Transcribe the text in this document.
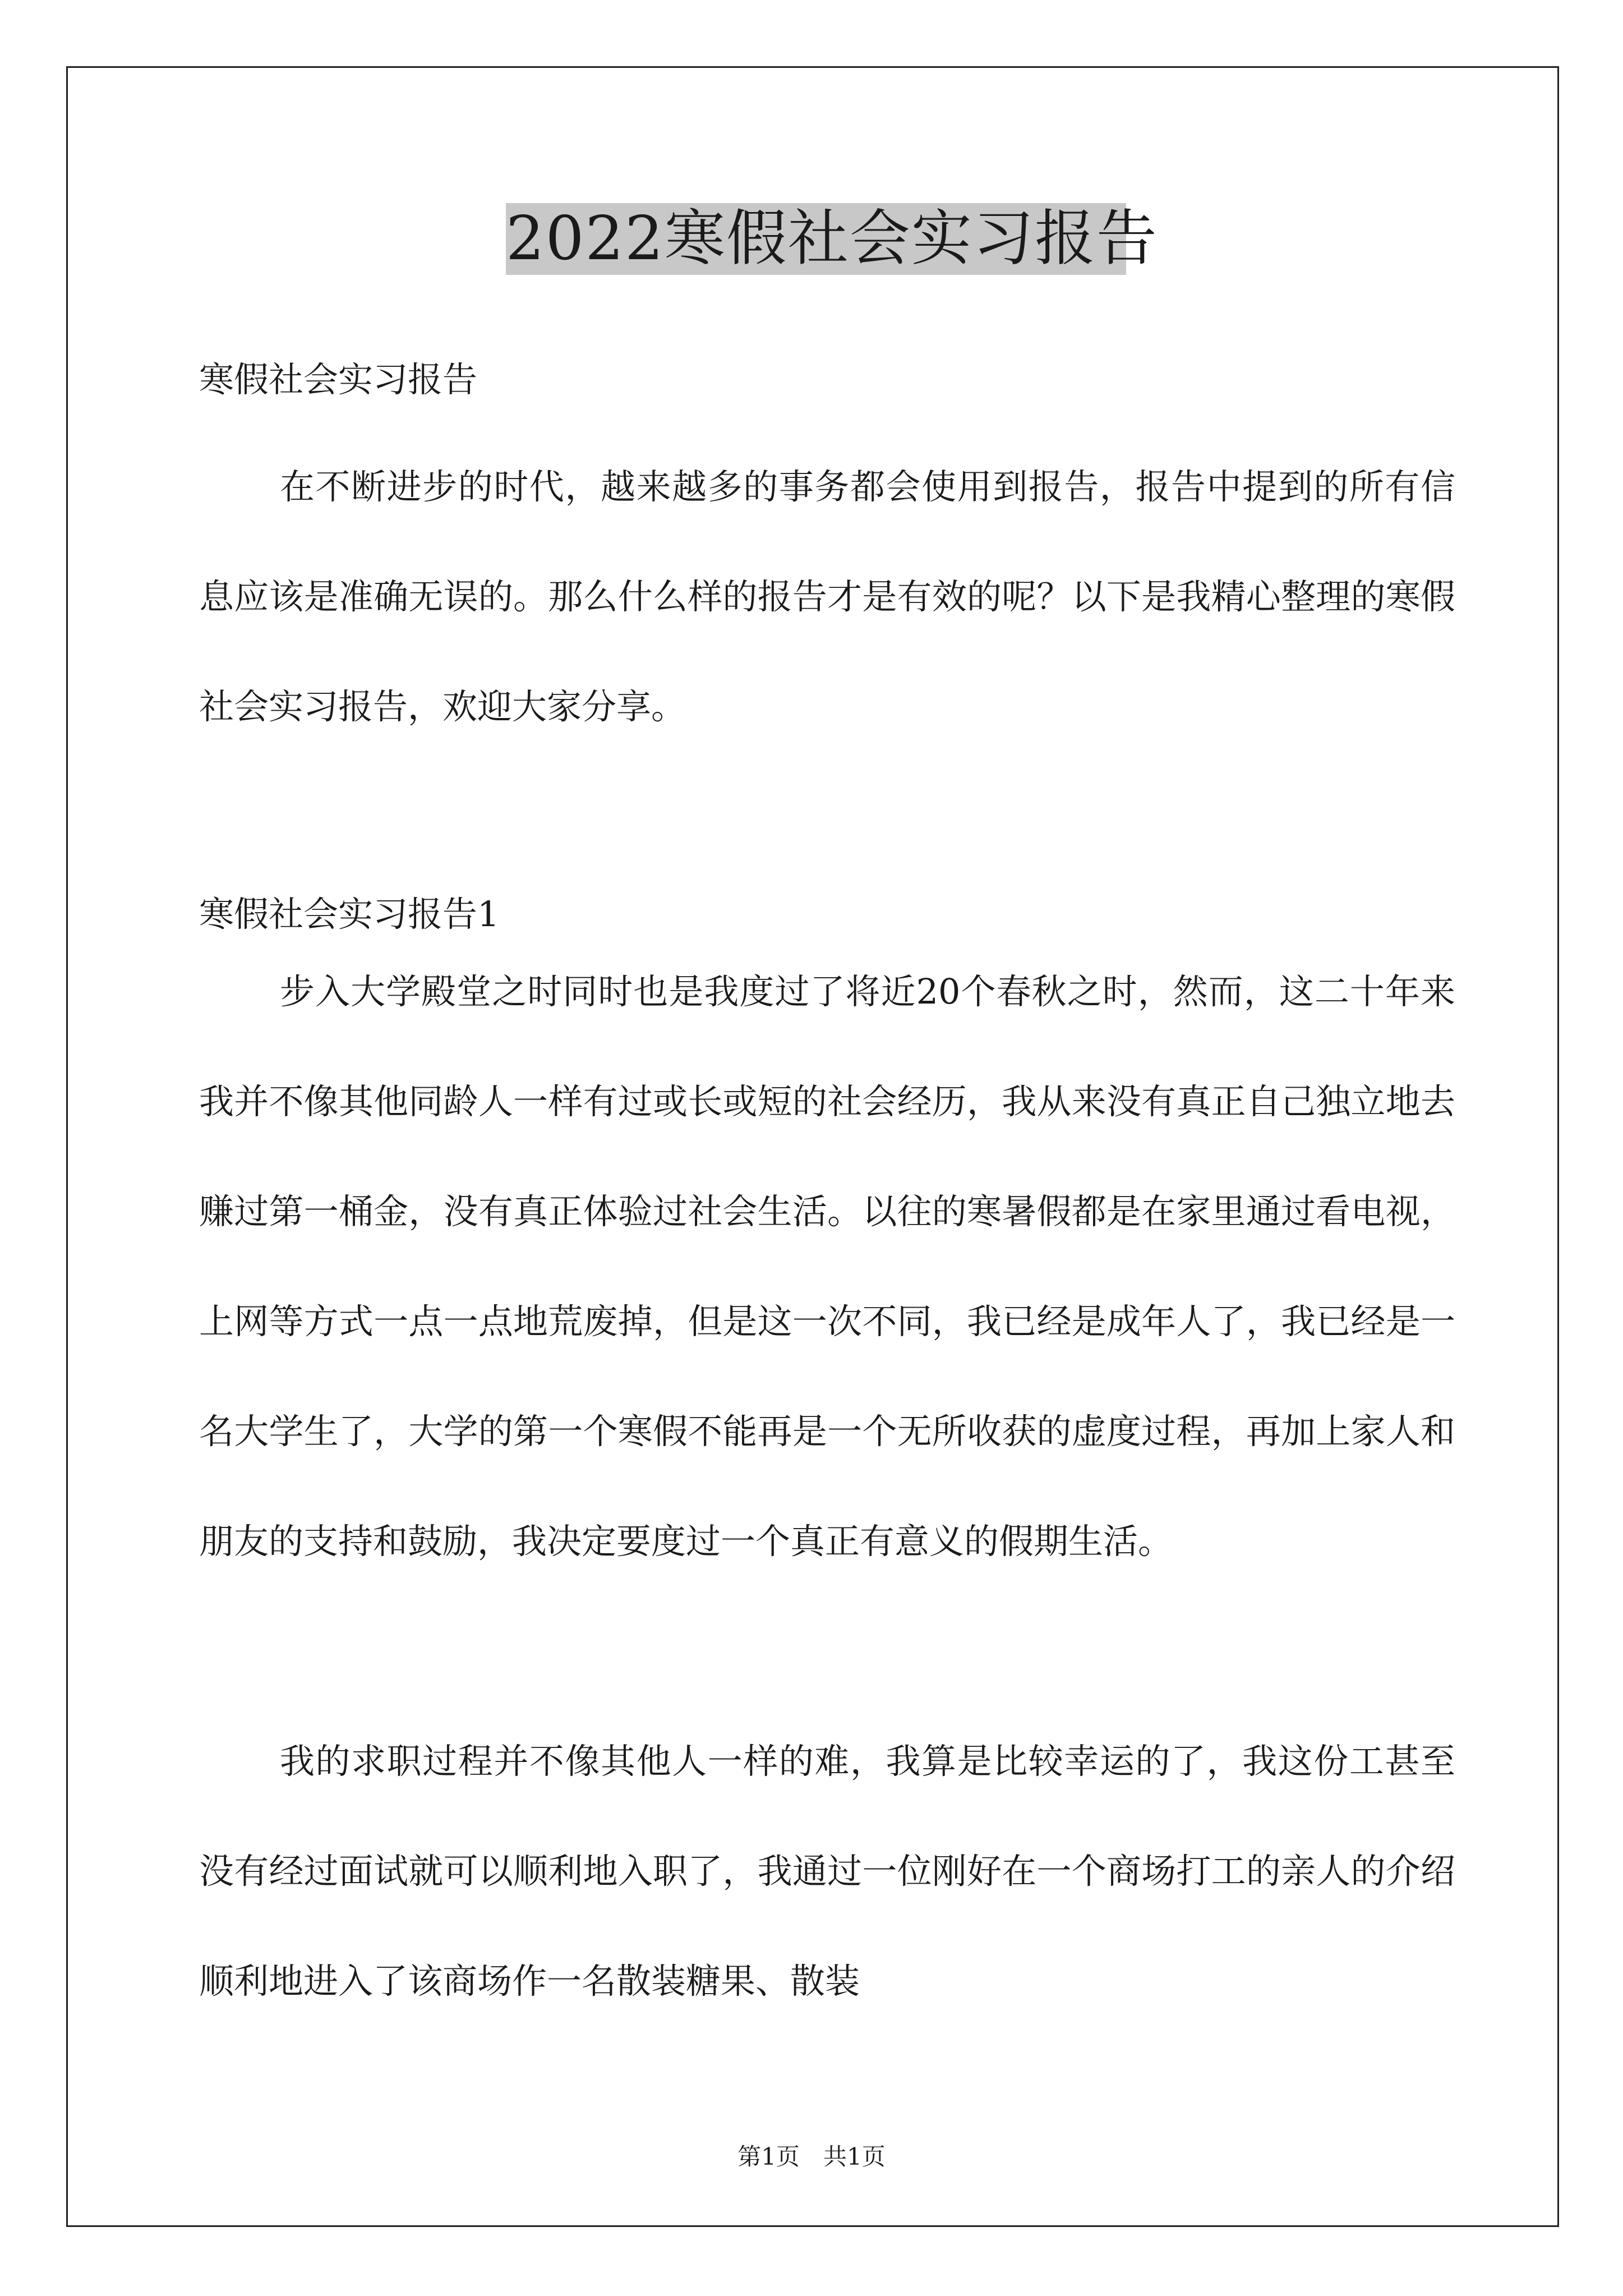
2022寒假社会实习报告

寒假社会实习报告

在不断进步的时代，越来越多的事务都会使用到报告，报告中提到的所有信息应该是准确无误的。那么什么样的报告才是有效的呢？以下是我精心整理的寒假社会实习报告，欢迎大家分享。

寒假社会实习报告1

步入大学殿堂之时同时也是我度过了将近20个春秋之时，然而，这二十年来我并不像其他同龄人一样有过或长或短的社会经历，我从来没有真正自己独立地去赚过第一桶金，没有真正体验过社会生活。以往的寒暑假都是在家里通过看电视，上网等方式一点一点地荒废掉，但是这一次不同，我已经是成年人了，我已经是一名大学生了，大学的第一个寒假不能再是一个无所收获的虚度过程，再加上家人和朋友的支持和鼓励，我决定要度过一个真正有意义的假期生活。

我的求职过程并不像其他人一样的难，我算是比较幸运的了，我这份工甚至没有经过面试就可以顺利地入职了，我通过一位刚好在一个商场打工的亲人的介绍顺利地进入了该商场作一名散装糖果、散装

第1页　共1页
